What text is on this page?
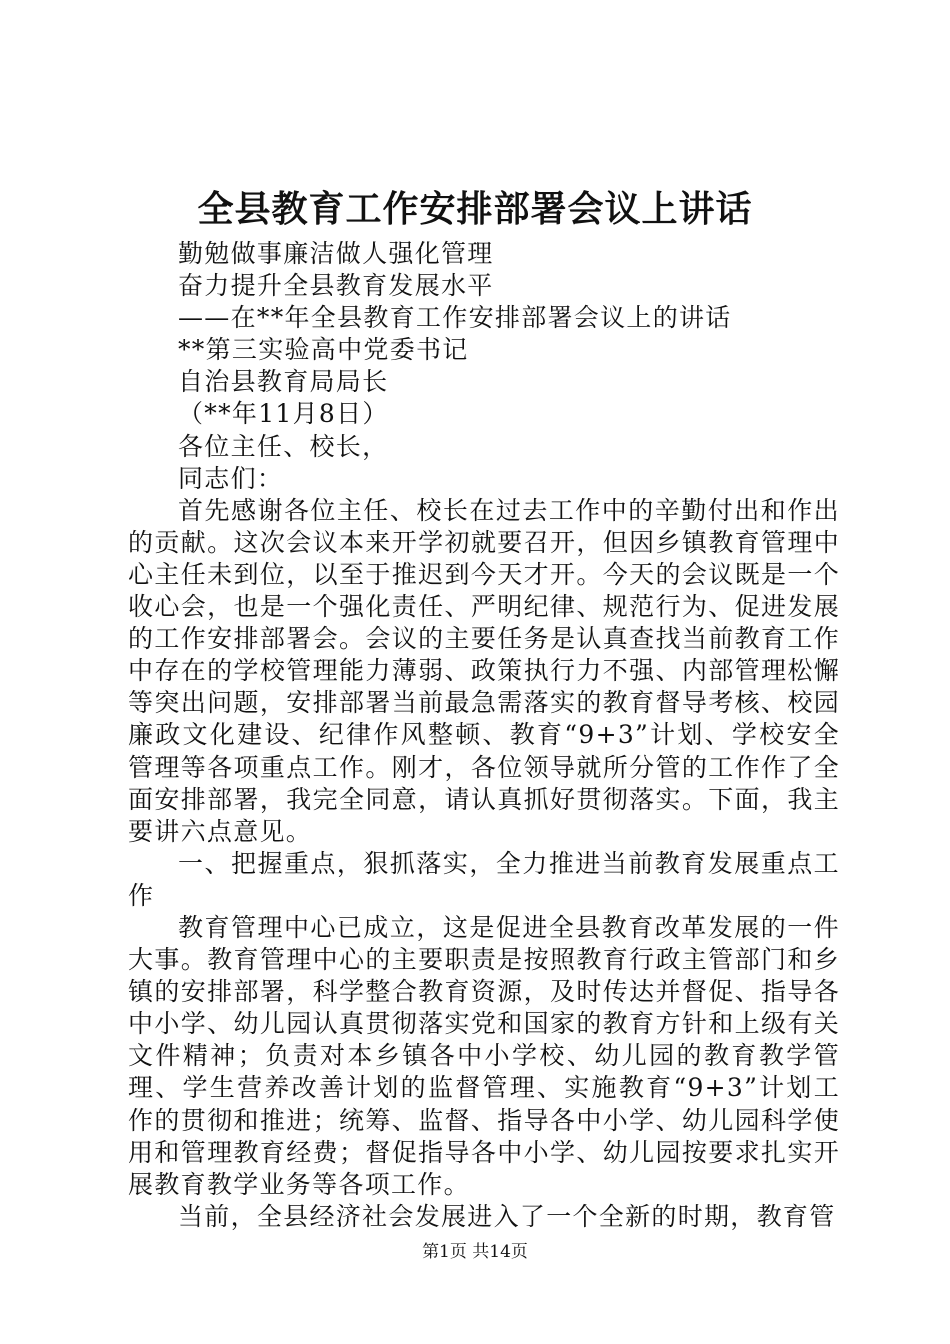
全县教育工作安排部署会议上讲话

勤勉做事廉洁做人强化管理

奋力提升全县教育发展水平

——在**年全县教育工作安排部署会议上的讲话

**第三实验高中党委书记

自治县教育局局长

（**年11月8日）

各位主任、校长，

同志们：

首先感谢各位主任、校长在过去工作中的辛勤付出和作出的贡献。这次会议本来开学初就要召开，但因乡镇教育管理中心主任未到位，以至于推迟到今天才开。今天的会议既是一个收心会，也是一个强化责任、严明纪律、规范行为、促进发展的工作安排部署会。会议的主要任务是认真查找当前教育工作中存在的学校管理能力薄弱、政策执行力不强、内部管理松懈等突出问题，安排部署当前最急需落实的教育督导考核、校园廉政文化建设、纪律作风整顿、教育“9+3”计划、学校安全管理等各项重点工作。刚才，各位领导就所分管的工作作了全面安排部署，我完全同意，请认真抓好贯彻落实。下面，我主要讲六点意见。

一、把握重点，狠抓落实，全力推进当前教育发展重点工作

教育管理中心已成立，这是促进全县教育改革发展的一件大事。教育管理中心的主要职责是按照教育行政主管部门和乡镇的安排部署，科学整合教育资源，及时传达并督促、指导各中小学、幼儿园认真贯彻落实党和国家的教育方针和上级有关文件精神；负责对本乡镇各中小学校、幼儿园的教育教学管理、学生营养改善计划的监督管理、实施教育“9+3”计划工作的贯彻和推进；统筹、监督、指导各中小学、幼儿园科学使用和管理教育经费；督促指导各中小学、幼儿园按要求扎实开展教育教学业务等各项工作。

当前，全县经济社会发展进入了一个全新的时期，教育管

第1页 共14页
